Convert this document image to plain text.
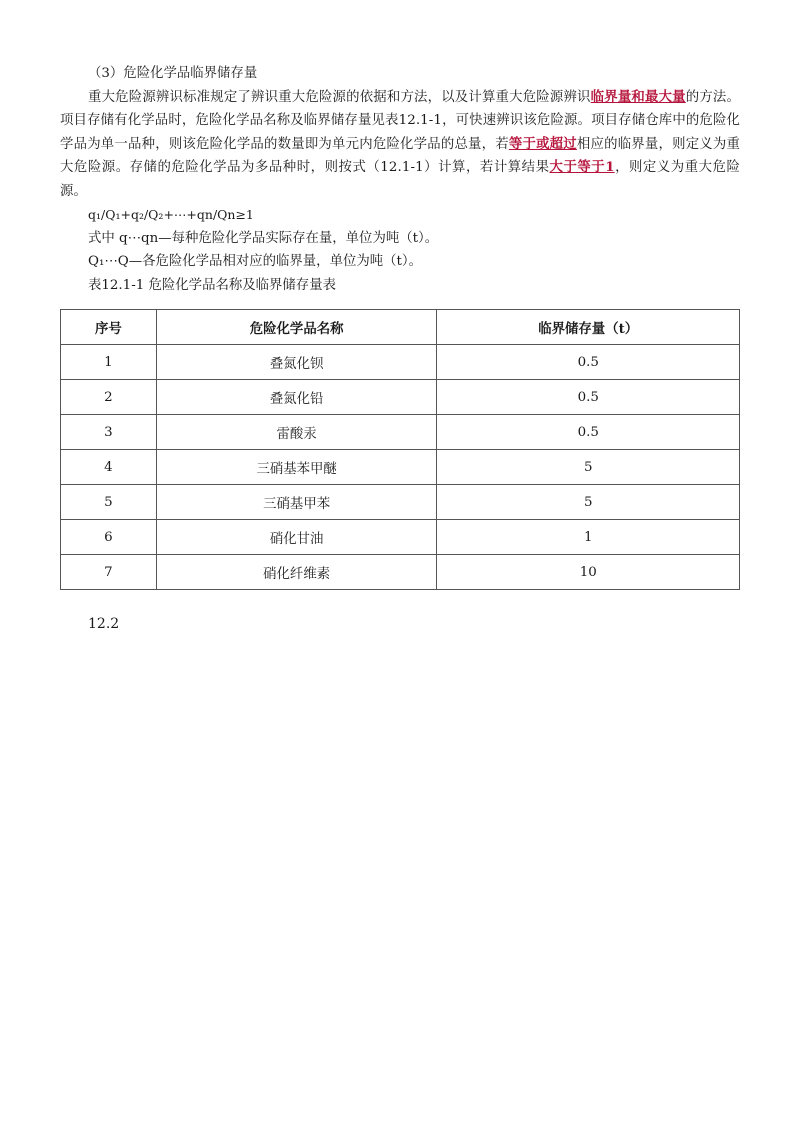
（3）危险化学品临界储存量
重大危险源辨识标准规定了辨识重大危险源的依据和方法，以及计算重大危险源辨识临界量和最大量的方法。项目存储有化学品时，危险化学品名称及临界储存量见表12.1-1，可快速辨识该危险源。项目存储仓库中的危险化学品为单一品种，则该危险化学品的数量即为单元内危险化学品的总量，若等于或超过相应的临界量，则定义为重大危险源。存储的危险化学品为多品种时，则按式（12.1-1）计算，若计算结果大于等于1，则定义为重大危险源。
q₁/Q₁+q₂/Q₂+⋯+qn/Qn≥1
式中 q⋯qn—每种危险化学品实际存在量，单位为吨（t）。
Q₁⋯Q—各危险化学品相对应的临界量，单位为吨（t）。
表12.1-1 危险化学品名称及临界储存量表
序号	危险化学品名称	临界储存量（t）
1	叠氮化钡	0.5
2	叠氮化铅	0.5
3	雷酸汞	0.5
4	三硝基苯甲醚	5
5	三硝基甲苯	5
6	硝化甘油	1
7	硝化纤维素	10
12.2
